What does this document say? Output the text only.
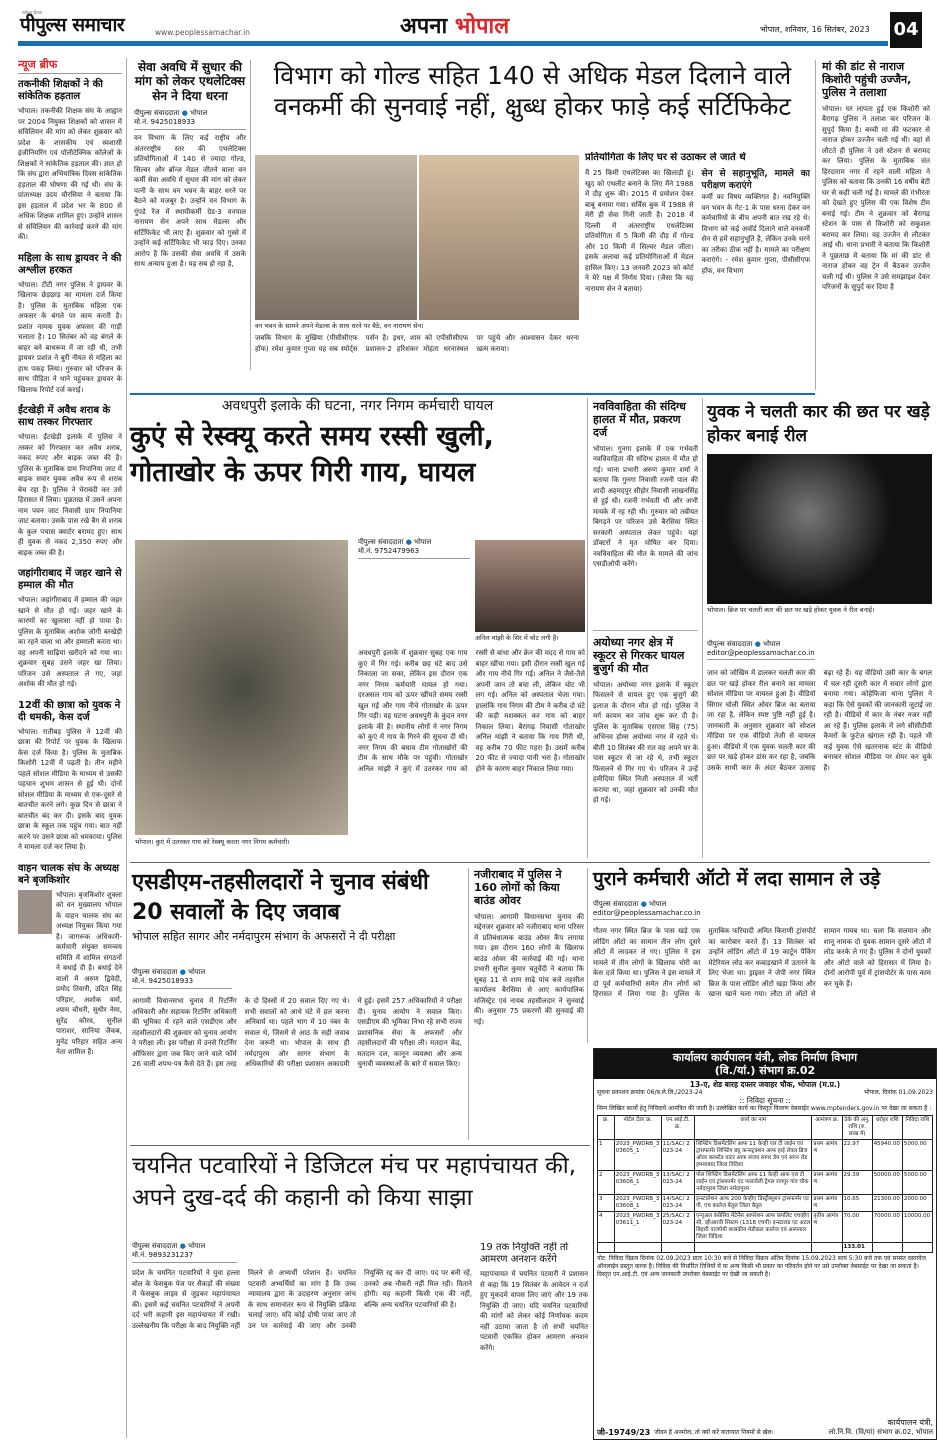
सर्वजन हिताय
पीपुल्स समाचार	www.peoplessamachar.in	अपना भोपाल	भोपाल, शनिवार, 16 सितंबर, 2023 04
न्यूज ब्रीफ
तकनीकी शिक्षकों ने की सांकेतिक हड़ताल
भोपाल। तकनीकी शिक्षक संघ के आह्वान पर 2004 नियुक्त शिक्षकों को शासन में संविलियन की मांग को लेकर शुक्रवार को प्रदेश के शासकीय एवं स्वशासी इंजीनियरिंग एवं पॉलीटेक्निक कॉलेजों के शिक्षकों ने सांकेतिक हड़ताल की। ज्ञात हो कि संघ द्वारा अभियांत्रिक दिवस सांकेतिक हड़ताल की घोषणा की गई थी। संघ के प्रांताध्यक्ष उदय चौरसिया ने बताया कि इस हड़ताल में प्रदेश भर के 800 से अधिक शिक्षक शामिल हुए। उन्होंने शासन से संविलियन की कार्रवाई करने की मांग की।
महिला के साथ ड्रायवर ने की अश्लील हरकत
भोपाल। टीटी नगर पुलिस ने ड्रायवर के खिलाफ छेड़छाड़ का मामला दर्ज किया है। पुलिस के मुताबिक महिला एक अफसर के बंगले पर काम करती है। प्रशांत नामक युवक अफसर की गाड़ी चलाता है। 10 सितंबर को वह बंगले के बाहर बने बाथरूम में जा रही थी, तभी ड्रायवर प्रशांत ने बुरी नीयत से महिला का हाथ पकड़ लिया। गुरुवार को परिजन के साथ पीड़िता ने थाने पहुंचकर ड्रायवर के खिलाफ रिपोर्ट दर्ज कराई।
ईंटखेड़ी में अवैध शराब के साथ तस्कर गिरफ्तार
भोपाल। ईंटखेड़ी इलाके में पुलिस ने तस्कर को गिरफ्तार कर अवैध शराब, नकद रुपए और बाइक जब्त की है। पुलिस के मुताबिक ग्राम निपानिया जाट में बाइक सवार युवक अवैध रूप से शराब बेच रहा है। पुलिस ने घेराबंदी कर उसे हिरासत में लिया। पूछताछ में उसने अपना नाम पवन जाट निवासी ग्राम निपानिया जाट बताया। उसके पास रखे बैग से शराब के कुल पचास क्वार्टर बरामद हुए। साथ ही युवक से नकद 2,350 रुपए और बाइक जब्त की है।
जहांगीराबाद में जहर खाने से हम्माल की मौत
भोपाल। जहांगीराबाद में हम्माल की जहर खाने से मौत हो गई। जहर खाने के कारणों का खुलासा नहीं हो पाया है। पुलिस के मुताबिक अशोक जोगी बरखेड़ी का रहने वाला था और हम्माली करता था। वह अपनी साढ़ियां खरीदने को गया था। शुक्रवार सुबह उसने जहर खा लिया। परिजन उसे अस्पताल ले गए, जहां अशोक की मौत हो गई।
12वीं की छात्रा को युवक ने दी धमकी, केस दर्ज
भोपाल। रातीबड़ पुलिस ने 12वीं की छात्रा की रिपोर्ट पर युवक के खिलाफ केस दर्ज किया है। पुलिस के मुताबिक किशोरी 12वीं में पढ़ती है। तीन महीने पहले सोशल मीडिया के माध्यम से उसकी पहचान शुभम शासन से हुई थी। दोनों सोशल मीडिया के माध्यम से एक-दूसरे से बातचीत करने लगे। कुछ दिन से छात्रा ने बातचीत बंद कर दी। इसके बाद युवक छात्रा के स्कूल तक पहुंच गया। बात नहीं करने पर उसने छात्रा को धमकाया। पुलिस ने मामला दर्ज कर लिया है।
वाहन चालक संघ के अध्यक्ष बने बृजकिशोर
भोपाल। बृजकिशोर शुक्ला को वन मुख्यालय भोपाल के वाहन चालक संघ का अध्यक्ष नियुक्त किया गया है। जागरूक अधिकारी-कर्मचारी संयुक्त समन्वय समिति में शामिल संगठनों ने बधाई दी है। बधाई देने वालों में अरुण द्विवेदी, प्रमोद तिवारी, उदित सिंह परिहार, अशोक वर्मा, श्याम चौधरी, सुधीर नेमा, सुरेंद्र कौरव, सुनील पाराशर, सानिया जैकब, मुनेंद्र परिहार सहित अन्य नेता शामिल हैं।
सेवा अवधि में सुधार की मांग को लेकर एथलेटिक्स सेन ने दिया धरना
पीपुल्स संवाददाता ● भोपाल
मो.नं. 9425018933
वन विभाग के लिए कई राष्ट्रीय और अंतरराष्ट्रीय स्तर की एथलेटिक्स प्रतियोगिताओं में 140 से ज्यादा गोल्ड, सिल्वर और ब्रॉन्ज मेडल जीतने वाला वन कर्मी सेवा अवधि में सुधार की मांग को लेकर पत्नी के साथ वन भवन के बाहर धरने पर बैठने को मजबूर है। उन्होंने वन विभाग के गुंपडे रेंज में स्थायीकर्मी ग्रेड-3 वनपाल नारायण सेन अपने साथ मेडल्स और सर्टिफिकेट भी लाए हैं। शुक्रवार को गुस्से में उन्होंने कई सर्टिफिकेट भी फाड़ दिए। उनका आरोप है कि उसकी सेवा अवधि में उसके साथ अन्याय हुआ है। यह सब हो रहा है,
विभाग को गोल्ड सहित 140 से अधिक मेडल दिलाने वाले वनकर्मी की सुनवाई नहीं, क्षुब्ध होकर फाड़े कई सर्टिफिकेट
वन भवन के सामने अपने मेडल्स के साथ धरने पर बैठे, वन नारायण सेन।
जबकि विभाग के मुखिया (पीसीसीएफ हॉफ) रमेश कुमार गुप्ता यह सब स्पोर्ट्स पर्सन है। इधर, शाम को एपीसीसीएफ प्रशासन-2 हरिशंकर मोहंता धरनास्थल पर पहुंचे और आश्वासन देकर धरना खत्म कराया।
प्रतियोगिता के लिए घर से उठाकर ले जाते थे
मैं 25 किमी एथलेटिक्स का खिलाड़ी हूं। खुद को एथलीट बनाने के लिए मैंने 1988 में दौड़ शुरू की। 2015 में प्रमोशन देकर बाबू बनाया गया। सर्विस बुक में 1988 से मेरी ही सेवा गिनी जाती है। 2018 में दिल्ली में अंतरराष्ट्रीय एथलेटिक्स प्रतियोगिता में 5 किमी की दौड़ में गोल्ड और 10 किमी में सिल्वर मेडल जीता। इसके अलावा कई प्रतियोगिताओं में मेडल हासिल किए। 13 जनवरी 2023 को कोर्ट ने मेरे पक्ष में निर्णय दिया। (जैसा कि यह नारायण सेन ने बताया)

सेन से सहानुभूति, मामले का परीक्षण कराएंगे
कर्मी का विषय व्यक्तिगत है। नवनियुक्ति वन भवन के गेट-1 के पास धरना देकर वन कर्मचारियों के बीच अपनी बात रख रहे थे। विभाग को कई अवॉर्ड दिलाने वाले वनकर्मी सेन से हमें सहानुभूति है, लेकिन उनके धरने का तरीका ठीक नहीं है। मामले का परीक्षण कराएंगे। - रमेश कुमार गुप्ता, पीसीसीएफ हॉफ, वन विभाग
मां की डांट से नाराज किशोरी पहुंची उज्जैन, पुलिस ने तलाशा
भोपाल। घर लापता हुई एक किशोरी को बैरागढ़ पुलिस ने तलाश कर परिजन के सुपुर्द किया है। बच्ची मां की फटकार से नाराज होकर उज्जैन चली गई थी। वहां से लौटते ही पुलिस ने उसे स्टेशन से बरामद कर लिया। पुलिस के मुताबिक संत हिरदाराम नगर में रहने वाली महिला ने पुलिस को बताया कि उनकी 16 वर्षीय बेटी घर से कहीं चली गई है। मामले की गंभीरता को देखते हुए पुलिस की एक विशेष टीम बनाई गई। टीम ने शुक्रवार को बैरागढ़ स्टेशन के पास से किशोरी को सकुशल बरामद कर लिया। वह उज्जैन से लौटकर आई थी। थाना प्रभारी ने बताया कि किशोरी ने पूछताछ में बताया कि मां की डांट से नाराज होकर वह ट्रेन में बैठकर उज्जैन चली गई थी। पुलिस ने उसे समझाइश देकर परिजनों के सुपुर्द कर दिया है
अवधपुरी इलाके की घटना, नगर निगम कर्मचारी घायल
कुएं से रेस्क्यू करते समय रस्सी खुली, गोताखोर के ऊपर गिरी गाय, घायल
भोपाल। कुएं में उतरकर गाय को रेस्क्यू करता नगर निगम कर्मचारी।
पीपुल्स संवाददाता ● भोपाल
मो.नं. 9752479963
अनिल मांझी के सिर में चोट लगी है।
अवधपुरी इलाके में शुक्रवार सुबह एक गाय कुएं में गिर गई। करीब छह घंटे बाद उसे निकाला जा सका, लेकिन इस दौरान एक नगर निगम कर्मचारी घायल हो गया। दरअसल गाय को ऊपर खींचते समय रस्सी खुल गई और गाय नीचे गोताखोर के ऊपर गिर पड़ी। यह घटना अवधपुरी के कुंदन नगर इलाके की है। स्थानीय लोगों ने नगर निगम को कुएं में गाय के गिरने की सूचना दी थी। नगर निगम की बचाव टीम गोताखोरों की टीम के साथ मौके पर पहुंची। गोताखोर अनिल मांझी ने कुएं में उतरकर गाय को रस्सी से बांधा और क्रेन की मदद से गाय को बाहर खींचा गया। इसी दौरान रस्सी खुल गई और गाय नीचे गिर गई। अनिल ने जैसे-तैसे अपनी जान तो बचा ली, लेकिन चोट भी लग गई। अनिल को अस्पताल भेजा गया। हालांकि गाय निगम की टीम ने करीब दो घंटे की कड़ी मशक्कत कर गाय को बाहर निकाल लिया। बैरागढ़ निवासी गोताखोर अनिल मांझी ने बताया कि गाय गिरी थी, वह करीब 70 फीट गहरा है। उसमें करीब 20 फीट से ज्यादा पानी भरा है। गोताखोर होने के कारण बाहर निकाल लिया गया।
नवविवाहिता की संदिग्ध हालत में मौत, प्रकरण दर्ज
भोपाल। गुनगा इलाके में एक गर्भवती नवविवाहिता की संदिग्ध हालत में मौत हो गई। थाना प्रभारी अरुण कुमार शर्मा ने बताया कि गुनगा निवासी रजनी पाल की शादी अहमदपुर सीहोर निवासी लाखनसिंह से हुई थी। रजनी गर्भवती थी और अभी मायके में रह रही थी। गुरुवार को तबीयत बिगड़ने पर परिजन उसे बैरसिया स्थित सरकारी अस्पताल लेकर पहुंचे। यहां डॉक्टरों ने मृत घोषित कर दिया। नवविवाहिता की मौत के मामले की जांच एसडीओपी करेंगे।
अयोध्या नगर क्षेत्र में स्कूटर से गिरकर घायल बुजुर्ग की मौत
भोपाल। अयोध्या नगर इलाके में स्कूटर फिसलने से घायल हुए एक बुजुर्ग की इलाज के दौरान मौत हो गई। पुलिस ने मर्ग कायम कर जांच शुरू कर दी है। पुलिस के मुताबिक एसएस सिंह (75) अभिनव होम्स अयोध्या नगर में रहते थे। बीती 10 सितंबर की रात वह अपने घर के पास स्कूटर से जा रहे थे, तभी स्कूटर फिसलने से गिर गए थे। परिजन ने उन्हें हमीदिया स्थित निजी अस्पताल में भर्ती कराया था, जहां शुक्रवार को उनकी मौत हो गई।
युवक ने चलती कार की छत पर खड़े होकर बनाई रील
भोपाल। ब्रिज पर चलती कार की छत पर खड़े होकर युवक ने रील बनाई।
पीपुल्स संवाददाता ● भोपाल
editor@peoplessamachar.co.in
जान को जोखिम में डालकर चलती कार की छत पर खड़े होकर रील बनाने का मामला सोशल मीडिया पर वायरल हुआ है। वीडियो सिंगार चोली स्थित ओवर ब्रिज का बताया जा रहा है, लेकिन स्पष्ट पुष्टि नहीं हुई है। जानकारी के अनुसार शुक्रवार को सोशल मीडिया पर एक वीडियो तेजी से वायरल हुआ। वीडियो में एक युवक चलती कार की छत पर खड़े होकर डांस कर रहा है, जबकि उसके साथी कार के अंदर बैठकर उत्साह बढ़ा रहे हैं। यह वीडियो उसी कार के बगल में चल रही दूसरी कार में सवार लोगों द्वारा बनाया गया। कोहेफिजा थाना पुलिस ने कहा कि ऐसे युवकों की जानकारी जुटाई जा रही है। वीडियो में कार के नंबर नजर नहीं आ रहे हैं। पुलिस इलाके में लगे सीसीटीवी कैमरों के फुटेज खंगाल रही है। पहले भी कई युवक ऐसे खतरनाक स्टंट के वीडियो बनाकर सोशल मीडिया पर शेयर कर चुके हैं।
एसडीएम-तहसीलदारों ने चुनाव संबंधी 20 सवालों के दिए जवाब
भोपाल सहित सागर और नर्मदापुरम संभाग के अफसरों ने दी परीक्षा
पीपुल्स संवाददाता ● भोपाल
मो.नं. 9425018933
आगामी विधानसभा चुनाव में रिटर्निंग अधिकारी और सहायक रिटर्निंग अधिकारी की भूमिका में रहने वाले एसडीएम और तहसीलदारों की शुक्रवार को चुनाव आयोग ने परीक्षा ली। इस परीक्षा में उनसे रिटर्निंग ऑफिसर द्वारा जब किए जाने वाले फॉर्म 26 वाली शपथ-पत्र कैसे देते हैं। इस तरह के दो हिस्सों में 20 सवाल दिए गए थे। सभी सवालों को आधे घंटे में हल करना अनिवार्य था। पहले भाग में 10 नंबर के सवाल थे, जिसमें से आठ के सही जवाब देना जरूरी था। भोपाल के साथ ही नर्मदापुरम और सागर संभाग के अधिकारियों की परीक्षा प्रशासन अकादमी में हुई। इसमें 257 अधिकारियों ने परीक्षा दी। चुनाव आयोग ने सवाल किए। एसडीएम की भूमिका निभा रहे सभी राज्य प्रशासनिक सेवा के अफसरों और तहसीलदारों की परीक्षा ली। मतदान केंद्र, मतदान दल, कानून व्यवस्था और अन्य चुनावी व्यवस्थाओं के बारे में सवाल किए।
नजीराबाद में पुलिस ने 160 लोगों को किया बाउंड ओवर
भोपाल। आगामी विधानसभा चुनाव की मद्देनजर शुक्रवार को नजीराबाद थाना परिसर में प्रतिबंधात्मक बाउंड ओवर कैंप लगाया गया। इस दौरान 160 लोगों के खिलाफ बाउंड ओवर की कार्रवाई की गई। थाना प्रभारी सुनील कुमार चतुर्वेदी ने बताया कि सुबह 11 से शाम साढ़े पांच बजे तहसील कार्यालय बैरसिया से आए कार्यपालिक मजिस्ट्रेट एवं नायब तहसीलदार ने सुनवाई की। अनुसार 75 प्रकरणों की सुनवाई की गई।
पुराने कर्मचारी ऑटो में लदा सामान ले उड़े
पीपुल्स संवाददाता ● भोपाल
editor@peoplessamachar.co.in
गौतम नगर स्थित ब्रिज के पास खड़े एक लोडिंग ऑटो का सामान तीन लोग दूसरे ऑटो में लादकर ले गए। पुलिस ने इस मामले में तीन लोगों के खिलाफ चोरी का केस दर्ज किया था। पुलिस ने इस मामले में दो पूर्व कर्मचारियों समेत तीन लोगों को हिरासत में लिया गया है। पुलिस के मुताबिक फरियादी अमित किराणी ट्रांसपोर्ट का कारोबार करते हैं। 13 सितंबर को उन्होंने लोडिंग ऑटो में 19 कार्टून पैकिंग मेटेरियल लोड कर कबाड़खाने में उतारने के लिए भेजा था। ड्राइवर ने जेपी नगर स्थित ब्रिज के पास लोडिंग ऑटो खड़ा किया और खाना खाने चला गया। लौटा तो ऑटो से सामान गायब था। चला कि सलमान और शानू नामक दो युवक सामान दूसरे ऑटो में लोड करके ले गए हैं। पुलिस ने दोनों युवकों और ऑटो वाले को हिरासत में लिया है। दोनों आरोपी पूर्व में ट्रांसपोर्टर के पास काम कर चुके हैं।
कार्यालय कार्यपालन यंत्री, लोक निर्माण विभाग
(वि./यां.) संभाग क्र.02
13-ए, शेड बारह दफ्तर जवाहर चौक, भोपाल (म.प्र.)
सूचना प्रकाशन क्रमांक 06/ब.ले.लि./2023-24	भोपाल, दिनांक 01.09.2023
:: निविदा सूचना ::
निम्न लिखित कार्यों हेतु निविदायें आमंत्रित की जाती है। उल्लेखित कार्य का विस्तृत विवरण वेबसाईट www.mptenders.gov.in पर देखा जा सकता है :
क्र.	पोर्टल टेंडर क्र.	एन.आई.टी. क्र.	कार्य का नाम	आमंत्रण क्र.	ठेके की अनु.राशि (रु.लाख में)	धरोहर राशि	निविदा राशि
1	2023_PWDRB_303605_1	11/SAC/ 2023-24	शिफ्टिंग डिसमेंटलिंग आफ 11 केव्ही एल टी लाईन एवं ट्रांसफार्मर शिफ्टिंग ड्यू कन्सट्रक्शन आफ हाई लेवल ब्रिज ओवर बलस्टेड वाटर आफ संजय सागर डेम एवं सगन रोड हमशाबाद जिला विदिशा	प्रथम आमंत्रण	22.97	45940.00	5000.00
2	2023_PWDRB_303606_1	13/SAC/ 2023-24	पोल शिफ्टिंग डिसमेंटलिंग आफ 11 केव्ही आफ एल टी लाईन एवं ट्रांसफार्मर एट पालावेली ट्रैगल रायपुर गांव चौक नर्मदापुरम जिला नर्मदापुरम	प्रथम आमंत्रण	29.39	50000.00	5000.00
3	2023_PWDRB_303608_1	14/SAC/ 2023-24	इन्स्टालेशन आफ 200 केव्हीए डिस्ट्रीब्यूशन ट्रांसफार्मर एट पी. एच कालेज बैतूल जिला बैतूल	प्रथम आमंत्रण	10.65	21300.00	2000.00
4	2023_PWDRB_303611_1	25/SAC/ 2023-24	एन्यूअल कंप्रेसिव मेंटेनेंस आपरेशन आफ कंपलिट एचव्हीएसी, व्हीआरवी सिस्टम (1318 एचपी) इन्स्टालड एट अटल बिहारी वाजपेयी शासकीय मेडीकल कालेज एवं अस्पताल जिला विदिशा	तृतीय आमंत्रण	70.00	70000.00	10000.00
					133.01		
नोट: निविदा विक्रय दिनांक 02.09.2023 प्रातः 10:30 बजे से निविदा विक्रय अंतिम दिनांक 15.09.2023 सायं 5:30 बजे तक एवं समस्त दस्तावेज ऑनलाईन प्रस्तुत करना है। निविदा की निर्धारित तिथियों में या अन्य किसी भी प्रकार का परिवर्तन होने पर उसे उपरोक्त वेबसाईट पर देखा जा सकता है। विस्तृत एन.आई.टी. एवं अन्य जानकारी उपरोक्त वेबसाईट पर देखी जा सकती है।
कार्यपालन यंत्री,
जी-19749/23 जीवन है अनमोल, तो क्यों करें यातायात नियमों से खेल।	लो.नि.वि. (वि/यां) संभाग क्र.02, भोपाल
चयनित पटवारियों ने डिजिटल मंच पर महापंचायत की, अपने दुख-दर्द की कहानी को किया साझा
पीपुल्स संवाददाता ● भोपाल
मो.नं. 9893231237
प्रदेश के चयनित पटवारियों ने युवा हल्ला बोल के फेसबुक पेज पर सैकड़ों की संख्या में फेसबुक लाइव से जुड़कर महापंचायत की। इसमें कई चयनित पटवारियों ने अपनी दर्द भरी कहानी इस महापंचायत में रखी। उल्लेखनीय कि परीक्षा के बाद नियुक्ति नहीं मिलने से अभ्यर्थी परेशान हैं। चयनित पटवारी अभ्यर्थियों का मांग है कि उच्च न्यायालय द्वारा के उदाहरण अनुसार जांच के साथ समानांतर रूप से नियुक्ति प्रक्रिया चलाई जाए। यदि कोई दोषी पाया जाए तो उन पर कार्रवाई की जाए और उनकी नियुक्ति रद्द कर दी जाए। पद पर बनी रहें, उनको अब नौकरी नहीं मिल रही। विताने होगी। यह कहानी किसी एक की नहीं, बल्कि अन्य चयनित पटवारियों की है।
19 तक नियुक्ति नहीं तो आमरण अनशन करेंगे
महापंचायत में चयनित पटवारी ने प्रशासन से कहा कि 19 सितंबर के आवेदन न दर्ज हुए मुकदमे वापस लिए जाएं और 19 तक नियुक्ति दी जाए। यदि चयनित पटवारियों की मांगों को लेकर कोई निर्णायक कदम नहीं उठाया जाता है तो सभी चयनित पटवारी एकत्रित होकर आमरण अनशन करेंगे।
